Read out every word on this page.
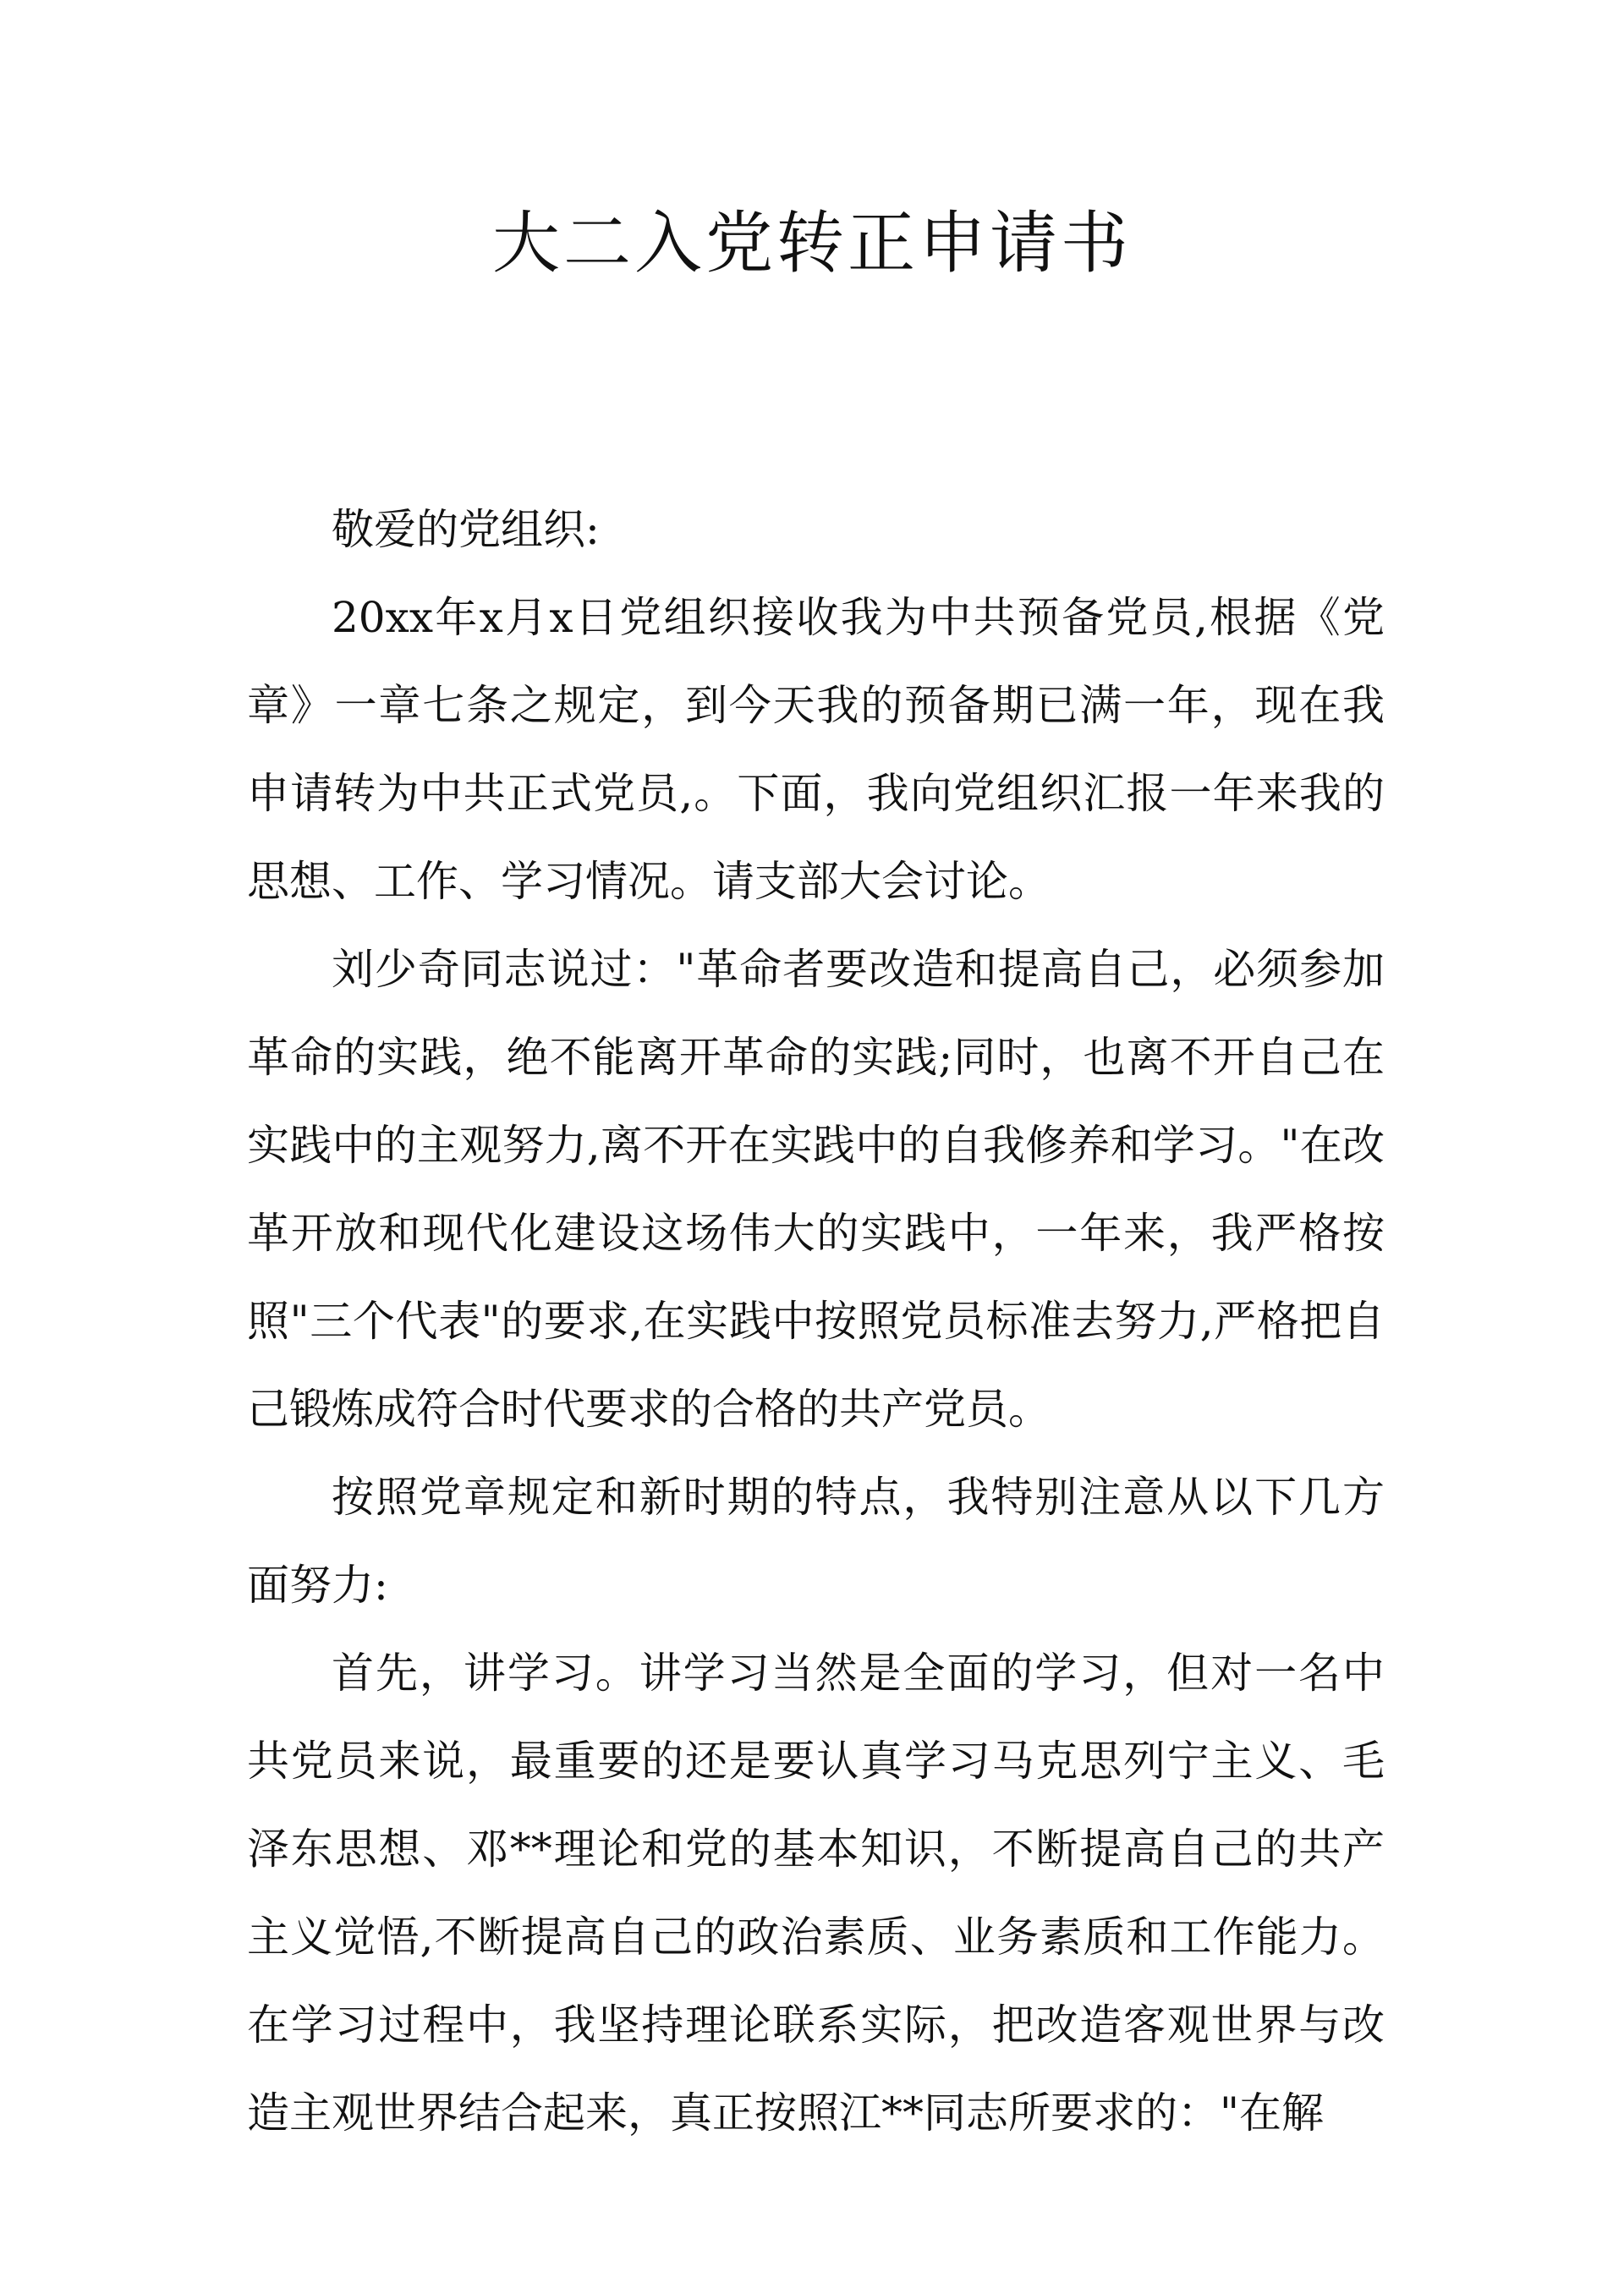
大二入党转正申请书

敬爱的党组织:

20xx年x月x日党组织接收我为中共预备党员,根据《党章》一章七条之规定，到今天我的预备期已满一年，现在我申请转为中共正式党员,。下面，我向党组织汇报一年来我的思想、工作、学习情况。请支部大会讨论。

刘少奇同志说过："革命者要改造和提高自己，必须参加革命的实践，绝不能离开革命的实践;同时，也离不开自己在实践中的主观努力,离不开在实践中的自我修养和学习。"在改革开放和现代化建设这场伟大的实践中，一年来，我严格按照"三个代表"的要求,在实践中按照党员标准去努力,严格把自己锻炼成符合时代要求的合格的共产党员。

按照党章规定和新时期的特点，我特别注意从以下几方面努力:

首先，讲学习。讲学习当然是全面的学习，但对一名中共党员来说，最重要的还是要认真学习马克思列宁主义、毛泽东思想、邓**理论和党的基本知识，不断提高自己的共产主义觉悟,不断提高自己的政治素质、业务素质和工作能力。在学习过程中，我坚持理论联系实际，把改造客观世界与改造主观世界结合起来，真正按照江**同志所要求的："在解
